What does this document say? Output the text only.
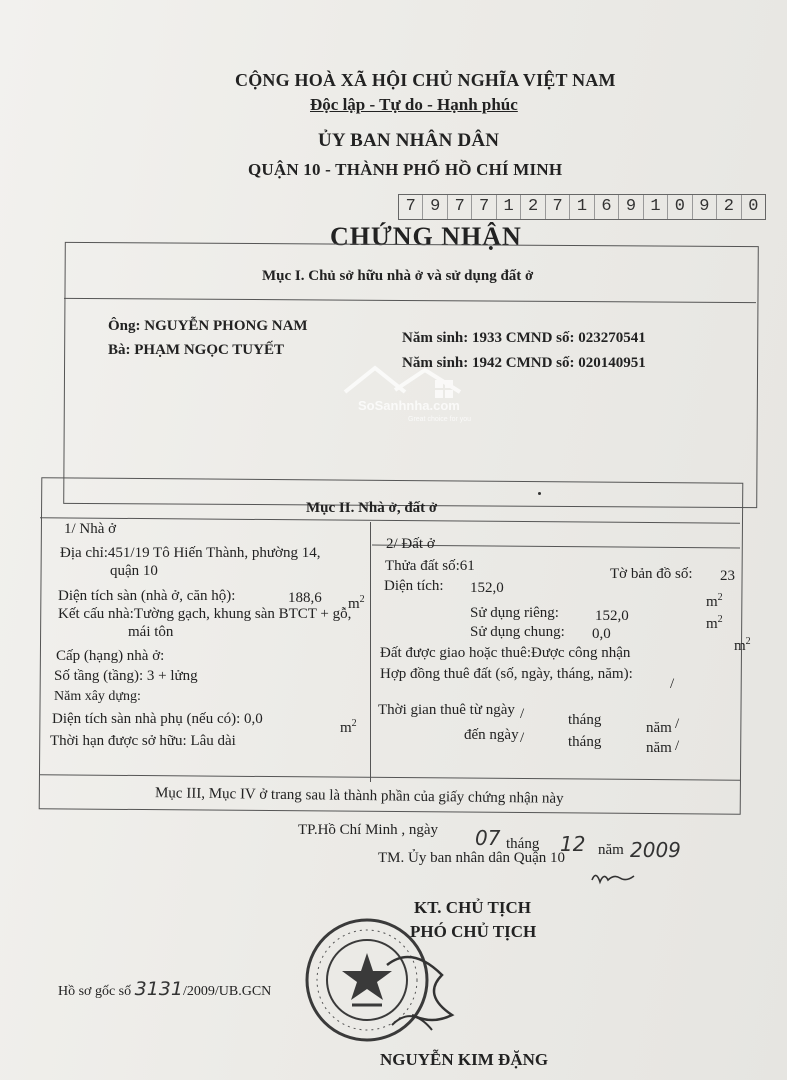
CỘNG HOÀ XÃ HỘI CHỦ NGHĨA VIỆT NAM
Độc lập - Tự do - Hạnh phúc
ỦY BAN NHÂN DÂN
QUẬN 10 - THÀNH PHỐ HỒ CHÍ MINH
7 9 7 7 1 2 7 1 6 9 1 0 9 2 0
CHỨNG NHẬN
Mục I. Chủ sở hữu nhà ở và sử dụng đất ở
Ông: NGUYỄN PHONG NAM
Năm sinh: 1933 CMND số: 023270541
Bà: PHẠM NGỌC TUYẾT
Năm sinh: 1942 CMND số: 020140951
SoSanhnha.com
Great choice for you
Mục II. Nhà ở, đất ở
1/ Nhà ở
Địa chỉ:451/19 Tô Hiến Thành, phường 14,
quận 10
Diện tích sàn (nhà ở, căn hộ):	188,6 $m^2$
Kết cấu nhà:Tường gạch, khung sàn BTCT + gỗ,
mái tôn
Cấp (hạng) nhà ở:
Số tầng (tầng): 3 + lửng
Năm xây dựng:
Diện tích sàn nhà phụ (nếu có): 0,0
$m^2$
Thời hạn được sở hữu: Lâu dài
2/ Đất ở
Thửa đất số:61	Tờ bản đồ số: 23
Diện tích: 152,0
$m^2$
Sử dụng riêng: 152,0	$m^2$
Sử dụng chung: 0,0
$m^2$
Đất được giao hoặc thuê:Được công nhận
Hợp đồng thuê đất (số, ngày, tháng, năm):
/
Thời gian thuê từ ngày /	tháng	năm /
đến ngày /	tháng	năm /
Mục III, Mục IV ở trang sau là thành phần của giấy chứng nhận này
TP.Hồ Chí Minh , ngày 07 tháng 12 năm 2009
TM. Ủy ban nhân dân Quận 10
KT. CHỦ TỊCH
PHÓ CHỦ TỊCH
Hồ sơ gốc số 3131/2009/UB.GCN
NGUYỄN KIM ĐẶNG
